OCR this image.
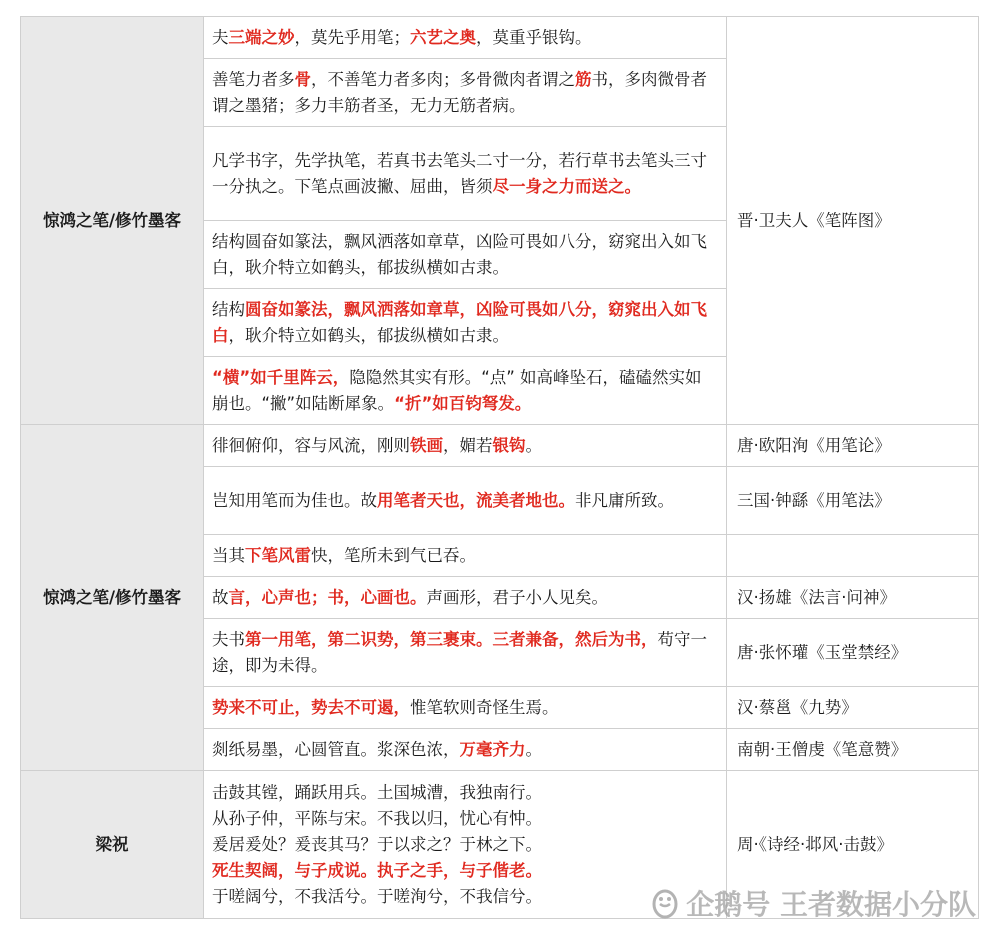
惊鸿之笔/修竹墨客	夫三端之妙，莫先乎用笔；六艺之奥，莫重乎银钩。	晋·卫夫人《笔阵图》
	善笔力者多骨，不善笔力者多肉；多骨微肉者谓之筋书，多肉微骨者谓之墨猪；多力丰筋者圣，无力无筋者病。	
	凡学书字，先学执笔，若真书去笔头二寸一分，若行草书去笔头三寸一分执之。下笔点画波撇、屈曲，皆须尽一身之力而送之。	
	结构圆奋如篆法，飘风洒落如章草，凶险可畏如八分，窈窕出入如飞白，耿介特立如鹤头，郁拔纵横如古隶。	
	结构圆奋如篆法，飘风洒落如章草，凶险可畏如八分，窈窕出入如飞白，耿介特立如鹤头，郁拔纵横如古隶。	
	“横”如千里阵云，隐隐然其实有形。“点” 如高峰坠石，磕磕然实如崩也。“撇”如陆断犀象。“折”如百钧弩发。	
惊鸿之笔/修竹墨客	徘徊俯仰，容与风流，刚则铁画，媚若银钩。	唐·欧阳洵《用笔论》
	岂知用笔而为佳也。故用笔者天也，流美者地也。非凡庸所致。	三国·钟繇《用笔法》
	当其下笔风雷快，笔所未到气已吞。	
	故言，心声也；书，心画也。声画形，君子小人见矣。	汉·扬雄《法言·问神》
	夫书第一用笔，第二识势，第三裹束。三者兼备，然后为书，苟守一途，即为未得。	唐·张怀瓘《玉堂禁经》
	势来不可止，势去不可遏，惟笔软则奇怪生焉。	汉·蔡邕《九势》
	剡纸易墨，心圆管直。浆深色浓，万毫齐力。	南朝·王僧虔《笔意赞》
梁祝	击鼓其镗，踊跃用兵。土国城漕，我独南行。
从孙子仲，平陈与宋。不我以归，忧心有忡。
爰居爰处？爰丧其马？于以求之？于林之下。
死生契阔，与子成说。执子之手，与子偕老。
于嗟阔兮，不我活兮。于嗟洵兮，不我信兮。	周·《诗经·邶风·击鼓》
企鹅号 王者数据小分队
